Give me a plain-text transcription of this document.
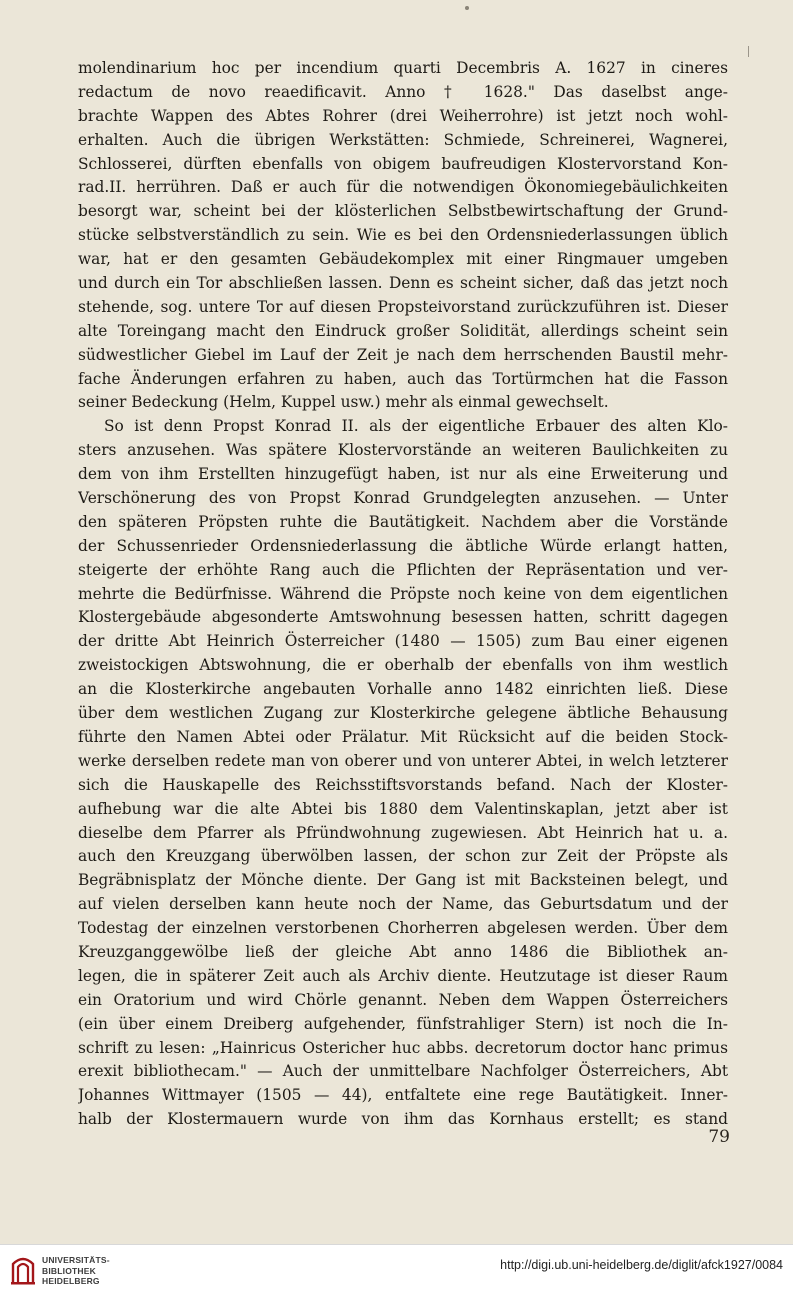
molendinarium hoc per incendium quarti Decembris A. 1627 in cineres
redactum de novo reaedificavit. Anno † 1628." Das daselbst ange-
brachte Wappen des Abtes Rohrer (drei Weiherrohre) ist jetzt noch wohl-
erhalten. Auch die übrigen Werkstätten: Schmiede, Schreinerei, Wagnerei,
Schlosserei, dürften ebenfalls von obigem baufreudigen Klostervorstand Kon-
rad.II. herrühren. Daß er auch für die notwendigen Ökonomiegebäulichkeiten
besorgt war, scheint bei der klösterlichen Selbstbewirtschaftung der Grund-
stücke selbstverständlich zu sein. Wie es bei den Ordensniederlassungen üblich
war, hat er den gesamten Gebäudekomplex mit einer Ringmauer umgeben
und durch ein Tor abschließen lassen. Denn es scheint sicher, daß das jetzt noch
stehende, sog. untere Tor auf diesen Propsteivorstand zurückzuführen ist. Dieser
alte Toreingang macht den Eindruck großer Solidität, allerdings scheint sein
südwestlicher Giebel im Lauf der Zeit je nach dem herrschenden Baustil mehr-
fache Änderungen erfahren zu haben, auch das Tortürmchen hat die Fasson
seiner Bedeckung (Helm, Kuppel usw.) mehr als einmal gewechselt.
So ist denn Propst Konrad II. als der eigentliche Erbauer des alten Klo-
sters anzusehen. Was spätere Klostervorstände an weiteren Baulichkeiten zu
dem von ihm Erstellten hinzugefügt haben, ist nur als eine Erweiterung und
Verschönerung des von Propst Konrad Grundgelegten anzusehen. — Unter
den späteren Pröpsten ruhte die Bautätigkeit. Nachdem aber die Vorstände
der Schussenrieder Ordensniederlassung die äbtliche Würde erlangt hatten,
steigerte der erhöhte Rang auch die Pflichten der Repräsentation und ver-
mehrte die Bedürfnisse. Während die Pröpste noch keine von dem eigentlichen
Klostergebäude abgesonderte Amtswohnung besessen hatten, schritt dagegen
der dritte Abt Heinrich Österreicher (1480 — 1505) zum Bau einer eigenen
zweistockigen Abtswohnung, die er oberhalb der ebenfalls von ihm westlich
an die Klosterkirche angebauten Vorhalle anno 1482 einrichten ließ. Diese
über dem westlichen Zugang zur Klosterkirche gelegene äbtliche Behausung
führte den Namen Abtei oder Prälatur. Mit Rücksicht auf die beiden Stock-
werke derselben redete man von oberer und von unterer Abtei, in welch letzterer
sich die Hauskapelle des Reichsstiftsvorstands befand. Nach der Kloster-
aufhebung war die alte Abtei bis 1880 dem Valentinskaplan, jetzt aber ist
dieselbe dem Pfarrer als Pfründwohnung zugewiesen. Abt Heinrich hat u. a.
auch den Kreuzgang überwölben lassen, der schon zur Zeit der Pröpste als
Begräbnisplatz der Mönche diente. Der Gang ist mit Backsteinen belegt, und
auf vielen derselben kann heute noch der Name, das Geburtsdatum und der
Todestag der einzelnen verstorbenen Chorherren abgelesen werden. Über dem
Kreuzganggewölbe ließ der gleiche Abt anno 1486 die Bibliothek an-
legen, die in späterer Zeit auch als Archiv diente. Heutzutage ist dieser Raum
ein Oratorium und wird Chörle genannt. Neben dem Wappen Österreichers
(ein über einem Dreiberg aufgehender, fünfstrahliger Stern) ist noch die In-
schrift zu lesen: „Hainricus Ostericher huc abbs. decretorum doctor hanc primus
erexit bibliothecam." — Auch der unmittelbare Nachfolger Österreichers, Abt
Johannes Wittmayer (1505 — 44), entfaltete eine rege Bautätigkeit. Inner-
halb der Klostermauern wurde von ihm das Kornhaus erstellt; es stand
79
UNIVERSITÄTS-
BIBLIOTHEK
HEIDELBERG
http://digi.ub.uni-heidelberg.de/diglit/afck1927/0084
